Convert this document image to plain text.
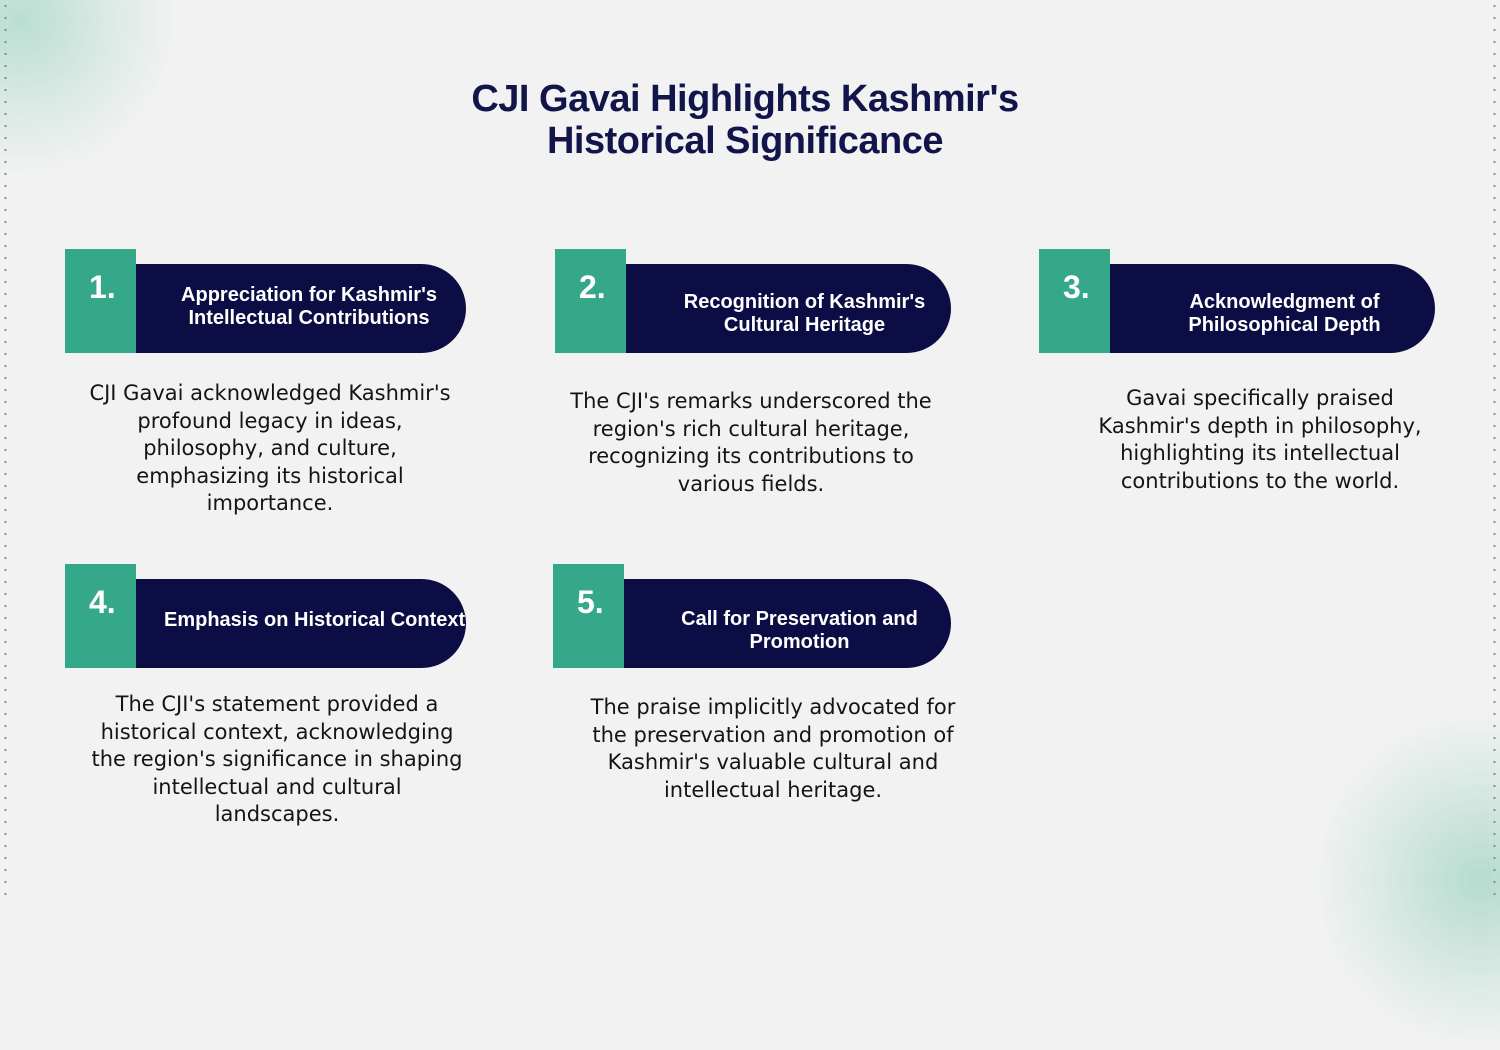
CJI Gavai Highlights Kashmir's
Historical Significance
Appreciation for Kashmir's
Intellectual Contributions
1.
CJI Gavai acknowledged Kashmir's
profound legacy in ideas,
philosophy, and culture,
emphasizing its historical
importance.
Recognition of Kashmir's
Cultural Heritage
2.
The CJI's remarks underscored the
region's rich cultural heritage,
recognizing its contributions to
various fields.
Acknowledgment of
Philosophical Depth
3.
Gavai specifically praised
Kashmir's depth in philosophy,
highlighting its intellectual
contributions to the world.
Emphasis on Historical Context
4.
The CJI's statement provided a
historical context, acknowledging
the region's significance in shaping
intellectual and cultural
landscapes.
Call for Preservation and
Promotion
5.
The praise implicitly advocated for
the preservation and promotion of
Kashmir's valuable cultural and
intellectual heritage.
